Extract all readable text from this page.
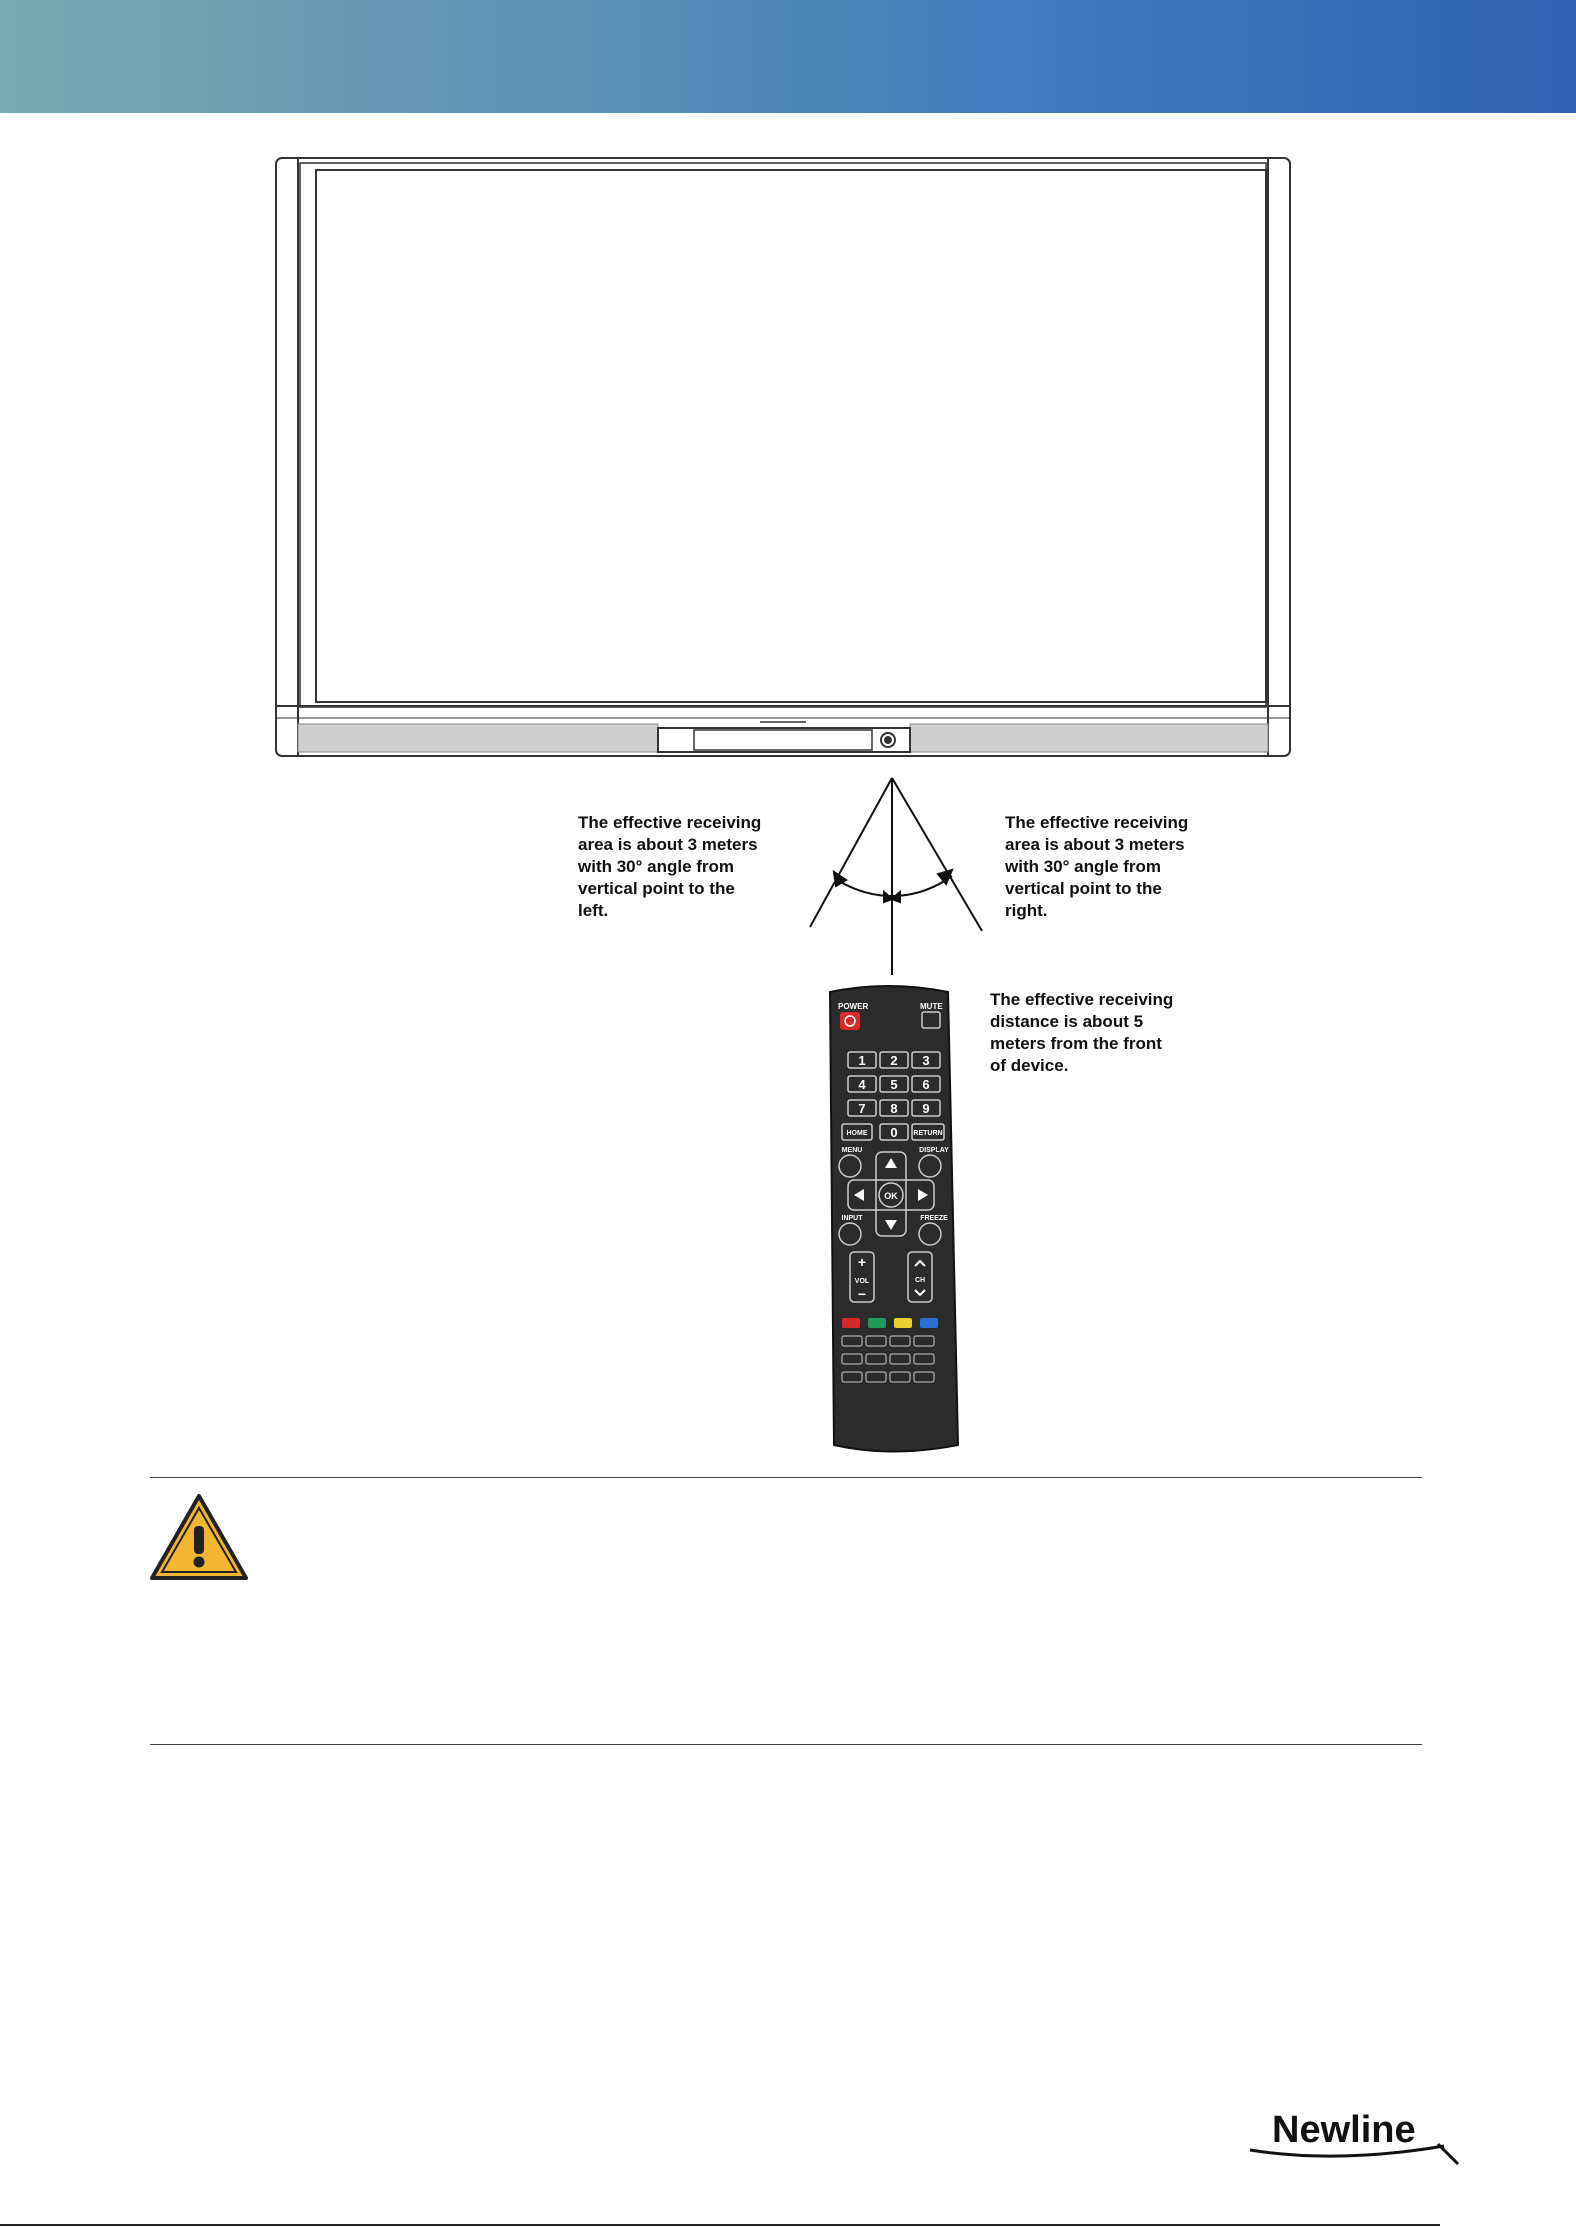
POWER	MUTE
1 2 3
4 5 6
7 8 9
0
HOME	RETURN
MENU	DISPLAY
INPUT	FREEZE
OK
+
−
VOL	CH

The effective receiving
area is about 3 meters
with 30° angle from
vertical point to the
left.

The effective receiving
area is about 3 meters
with 30° angle from
vertical point to the
right.

The effective receiving
distance is about 5
meters from the front
of device.

Newline
